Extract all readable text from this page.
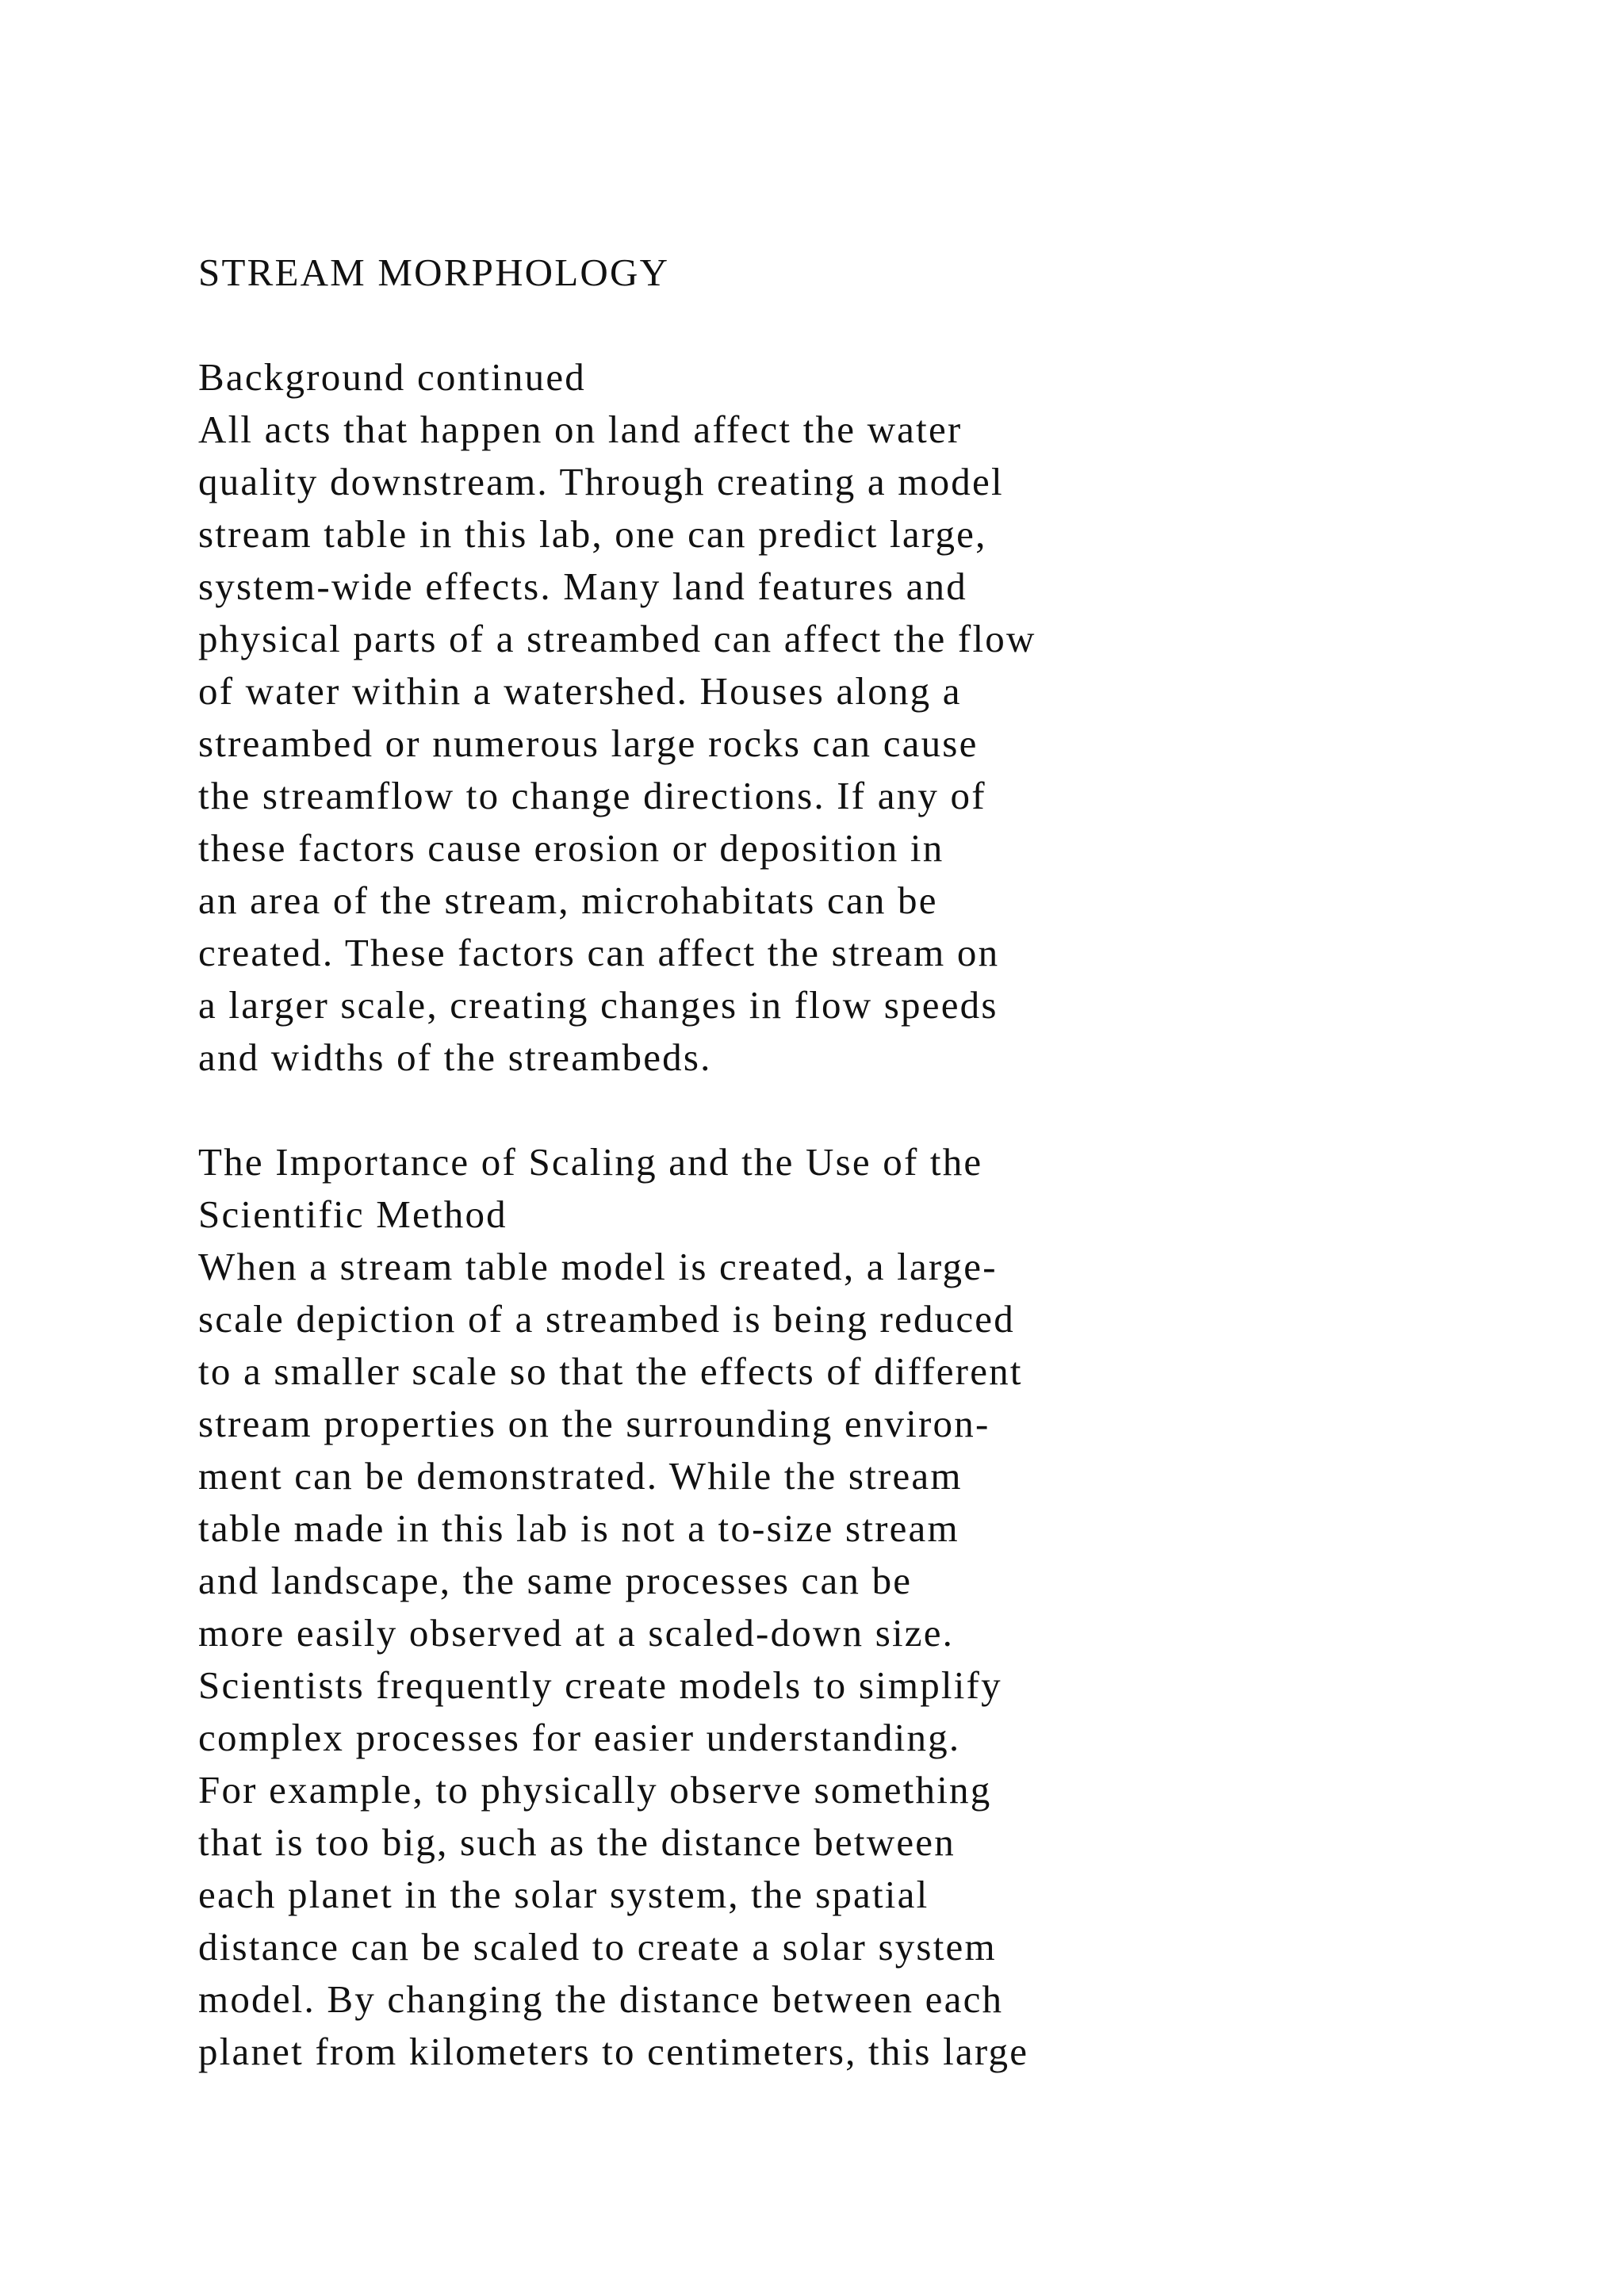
STREAM MORPHOLOGY
Background continued
All acts that happen on land affect the water
quality downstream. Through creating a model
stream table in this lab, one can predict large,
system-wide effects. Many land features and
physical parts of a streambed can affect the flow
of water within a watershed. Houses along a
streambed or numerous large rocks can cause
the streamflow to change directions. If any of
these factors cause erosion or deposition in
an area of the stream, microhabitats can be
created. These factors can affect the stream on
a larger scale, creating changes in flow speeds
and widths of the streambeds.
The Importance of Scaling and the Use of the
Scientific Method
When a stream table model is created, a large-
scale depiction of a streambed is being reduced
to a smaller scale so that the effects of different
stream properties on the surrounding environ-
ment can be demonstrated. While the stream
table made in this lab is not a to-size stream
and landscape, the same processes can be
more easily observed at a scaled-down size.
Scientists frequently create models to simplify
complex processes for easier understanding.
For example, to physically observe something
that is too big, such as the distance between
each planet in the solar system, the spatial
distance can be scaled to create a solar system
model. By changing the distance between each
planet from kilometers to centimeters, this large
